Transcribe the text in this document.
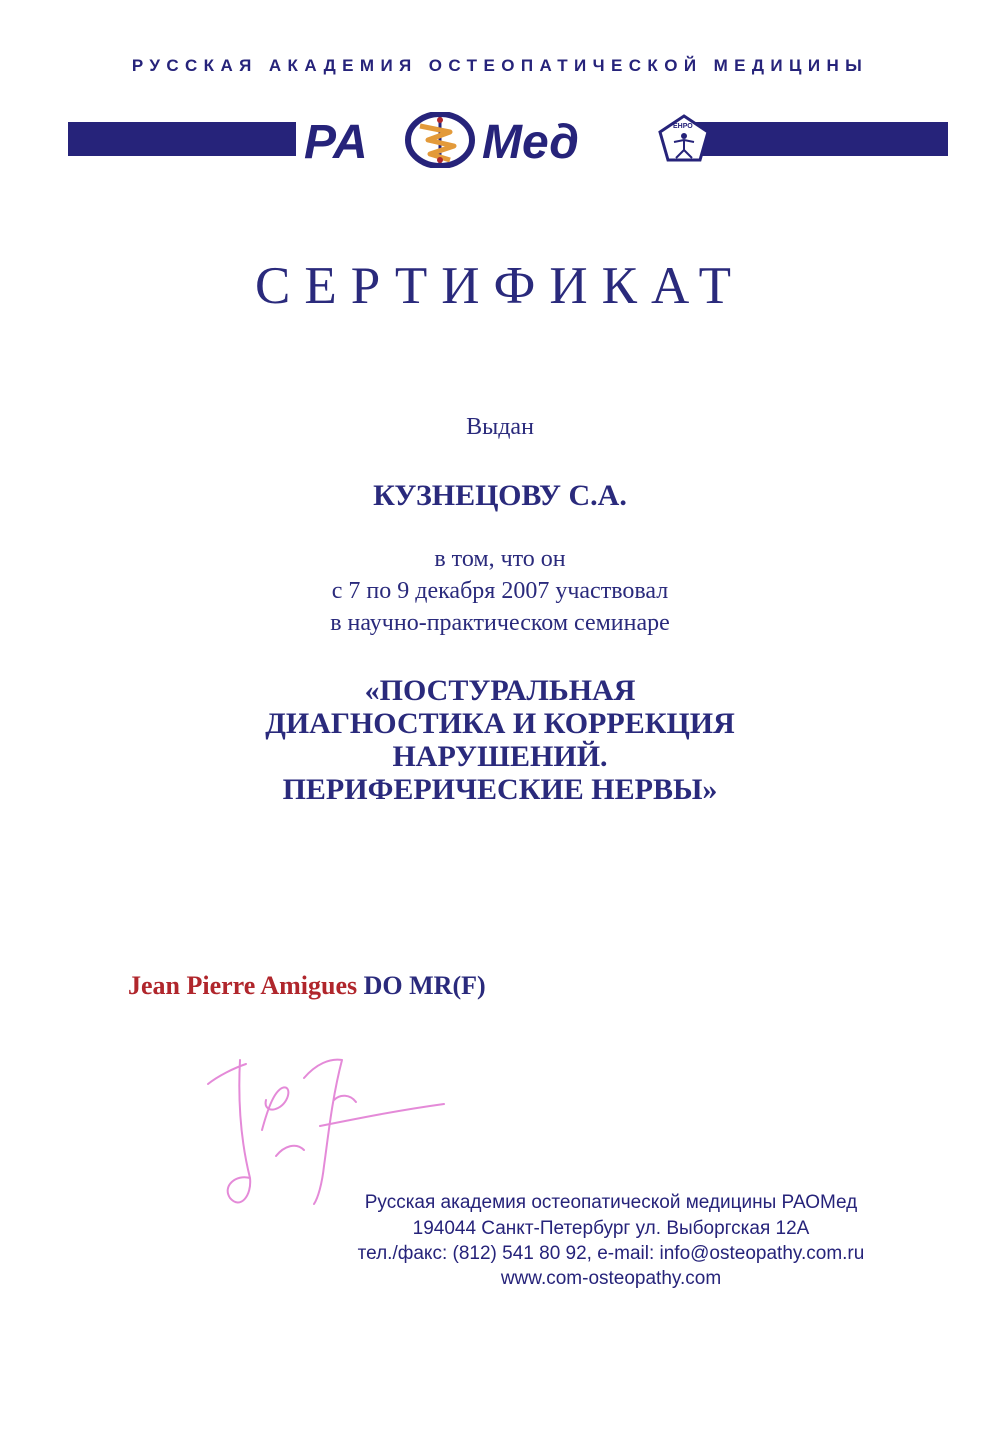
РУССКАЯ АКАДЕМИЯ ОСТЕОПАТИЧЕСКОЙ МЕДИЦИНЫ
РА Мед	ЕНРО
СЕРТИФИКАТ
Выдан
КУЗНЕЦОВУ С.А.
в том, что он
с 7 по 9 декабря 2007 участвовал
в научно-практическом семинаре
«ПОСТУРАЛЬНАЯ
ДИАГНОСТИКА И КОРРЕКЦИЯ
НАРУШЕНИЙ.
ПЕРИФЕРИЧЕСКИЕ НЕРВЫ»
Jean Pierre Amigues DO MR(F)
Русская академия остеопатической медицины РАОМед
194044 Санкт-Петербург ул. Выборгская 12А
тел./факс: (812) 541 80 92, e-mail: info@osteopathy.com.ru
www.com-osteopathy.com
